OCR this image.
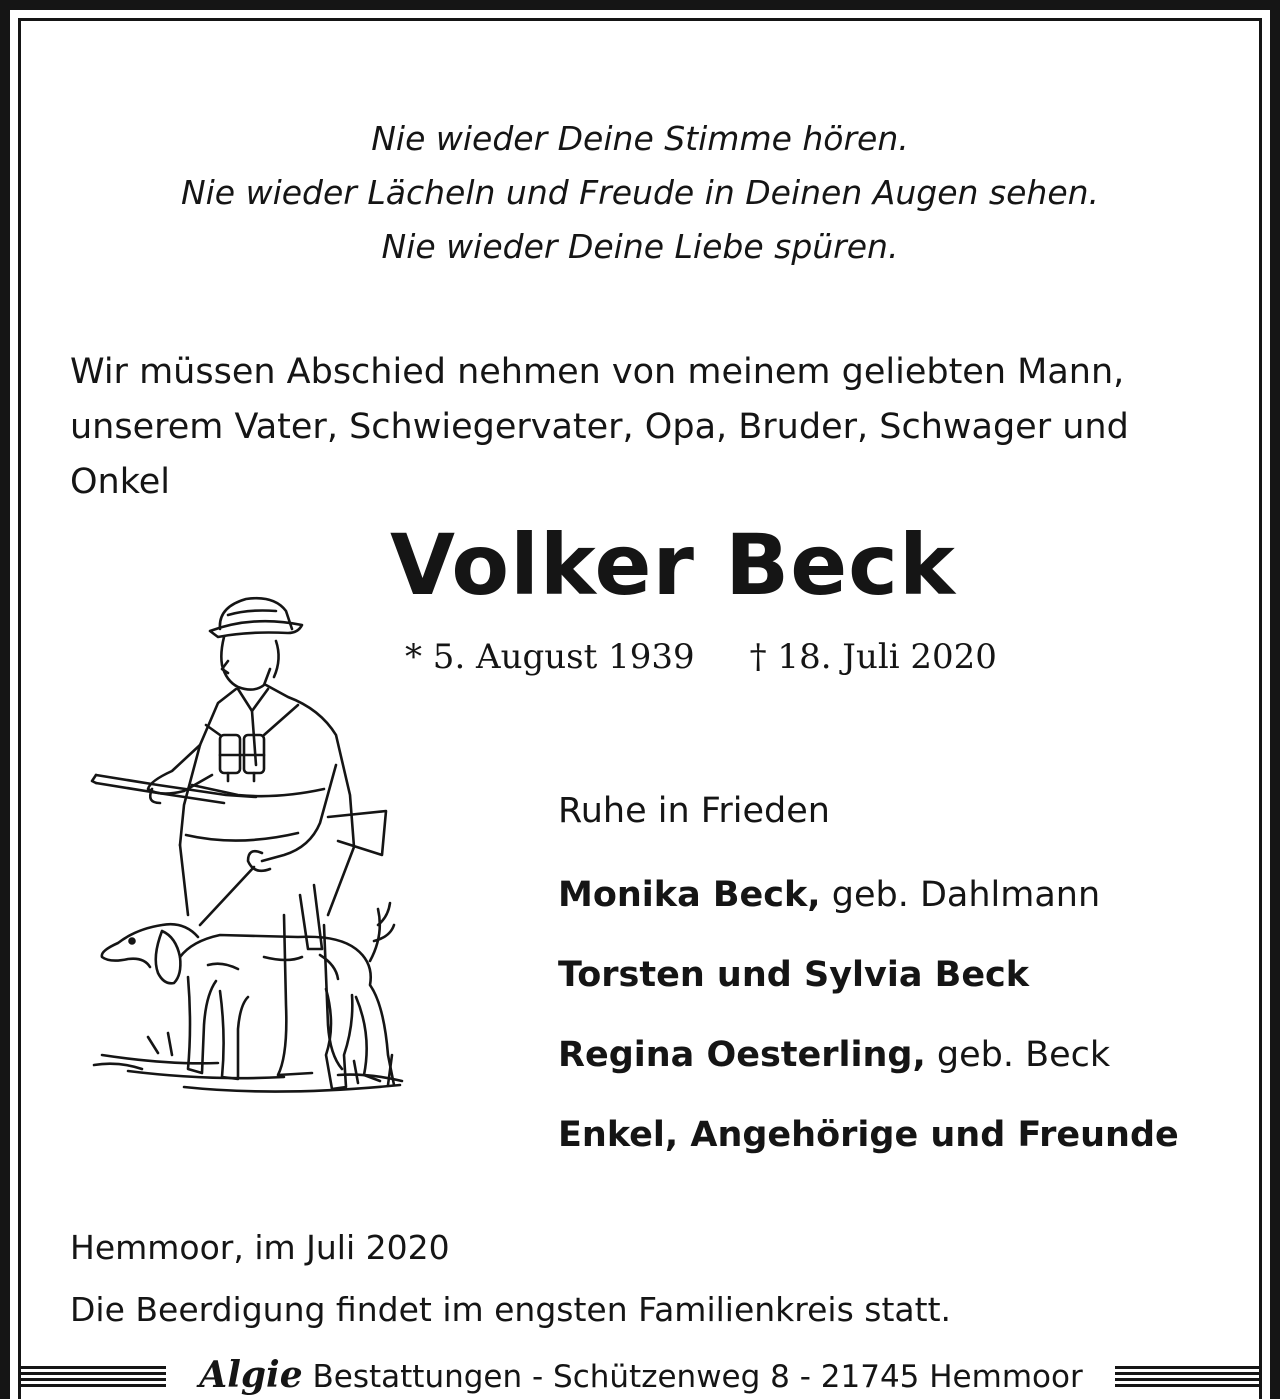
Nie wieder Deine Stimme hören.
Nie wieder Lächeln und Freude in Deinen Augen sehen.
Nie wieder Deine Liebe spüren.
Wir müssen Abschied nehmen von meinem geliebten Mann,
unserem Vater, Schwiegervater, Opa, Bruder, Schwager und
Onkel
Volker Beck
* 5. August 1939 † 18. Juli 2020
Ruhe in Frieden
Monika Beck, geb. Dahlmann
Torsten und Sylvia Beck
Regina Oesterling, geb. Beck
Enkel, Angehörige und Freunde
Hemmoor, im Juli 2020
Die Beerdigung findet im engsten Familienkreis statt.
Algie Bestattungen - Schützenweg 8 - 21745 Hemmoor
